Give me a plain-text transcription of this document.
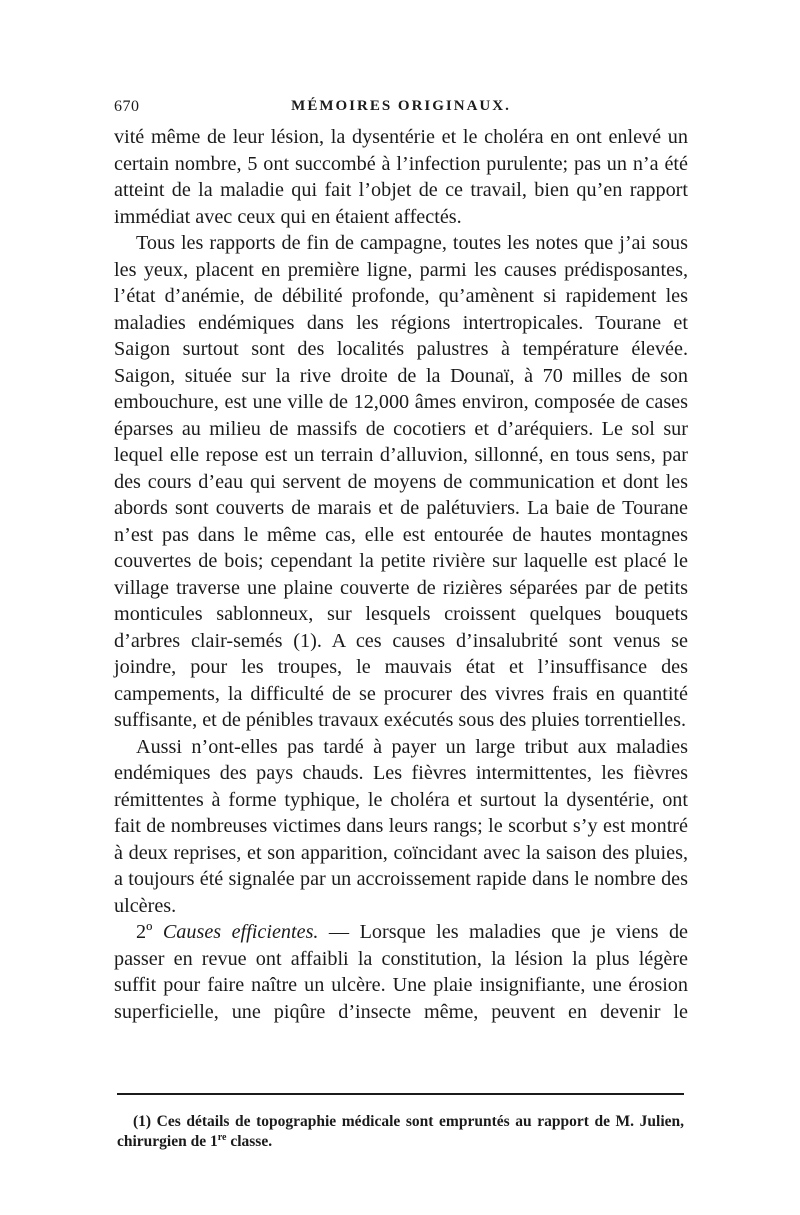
670	MÉMOIRES ORIGINAUX.

vité même de leur lésion, la dysentérie et le choléra en ont enlevé un certain nombre, 5 ont succombé à l’infection purulente; pas un n’a été atteint de la maladie qui fait l’objet de ce travail, bien qu’en rapport immédiat avec ceux qui en étaient affectés.

Tous les rapports de fin de campagne, toutes les notes que j’ai sous les yeux, placent en première ligne, parmi les causes prédisposantes, l’état d’anémie, de débilité profonde, qu’amènent si rapidement les maladies endémiques dans les régions intertropicales. Tourane et Saigon surtout sont des localités palustres à température élevée. Saigon, située sur la rive droite de la Dounaï, à 70 milles de son embouchure, est une ville de 12,000 âmes environ, composée de cases éparses au milieu de massifs de cocotiers et d’aréquiers. Le sol sur lequel elle repose est un terrain d’alluvion, sillonné, en tous sens, par des cours d’eau qui servent de moyens de communication et dont les abords sont couverts de marais et de palétuviers. La baie de Tourane n’est pas dans le même cas, elle est entourée de hautes montagnes couvertes de bois; cependant la petite rivière sur laquelle est placé le village traverse une plaine couverte de rizières séparées par de petits monticules sablonneux, sur lesquels croissent quelques bouquets d’arbres clair-semés (1). A ces causes d’insalubrité sont venus se joindre, pour les troupes, le mauvais état et l’insuffisance des campements, la difficulté de se procurer des vivres frais en quantité suffisante, et de pénibles travaux exécutés sous des pluies torrentielles.

Aussi n’ont-elles pas tardé à payer un large tribut aux maladies endémiques des pays chauds. Les fièvres intermittentes, les fièvres rémittentes à forme typhique, le choléra et surtout la dysentérie, ont fait de nombreuses victimes dans leurs rangs; le scorbut s’y est montré à deux reprises, et son apparition, coïncidant avec la saison des pluies, a toujours été signalée par un accroissement rapide dans le nombre des ulcères.

2º Causes efficientes. — Lorsque les maladies que je viens de passer en revue ont affaibli la constitution, la lésion la plus légère suffit pour faire naître un ulcère. Une plaie insignifiante, une érosion superficielle, une piqûre d’insecte même, peuvent en devenir le

(1) Ces détails de topographie médicale sont empruntés au rapport de M. Julien, chirurgien de 1re classe.
